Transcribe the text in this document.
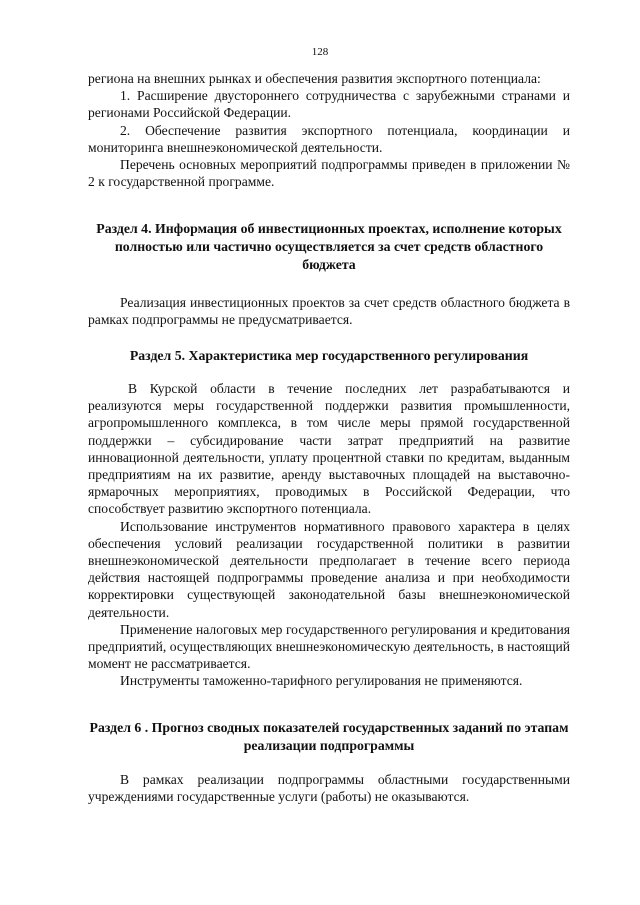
128

региона на внешних рынках и обеспечения развития экспортного потенциала:

1. Расширение двустороннего сотрудничества с зарубежными странами и регионами Российской Федерации.

2. Обеспечение развития экспортного потенциала, координации и мониторинга внешнеэкономической деятельности.

Перечень основных мероприятий подпрограммы приведен в приложении № 2 к государственной программе.

Раздел 4. Информация об инвестиционных проектах, исполнение которых полностью или частично осуществляется за счет средств областного бюджета

Реализация инвестиционных проектов за счет средств областного бюджета в рамках подпрограммы не предусматривается.

Раздел 5. Характеристика мер государственного регулирования

В Курской области в течение последних лет разрабатываются и реализуются меры государственной поддержки развития промышленности, агропромышленного комплекса, в том числе меры прямой государственной поддержки – субсидирование части затрат предприятий на развитие инновационной деятельности, уплату процентной ставки по кредитам, выданным предприятиям на их развитие, аренду выставочных площадей на выставочно-ярмарочных мероприятиях, проводимых в Российской Федерации, что способствует развитию экспортного потенциала.

Использование инструментов нормативного правового характера в целях обеспечения условий реализации государственной политики в развитии внешнеэкономической деятельности предполагает в течение всего периода действия настоящей подпрограммы проведение анализа и при необходимости корректировки существующей законодательной базы внешнеэкономической деятельности.

Применение налоговых мер государственного регулирования и кредитования предприятий, осуществляющих внешнеэкономическую деятельность, в настоящий момент не рассматривается.

Инструменты таможенно-тарифного регулирования не применяются.

Раздел 6 . Прогноз сводных показателей государственных заданий по этапам реализации подпрограммы

В рамках реализации подпрограммы областными государственными учреждениями государственные услуги (работы) не оказываются.
